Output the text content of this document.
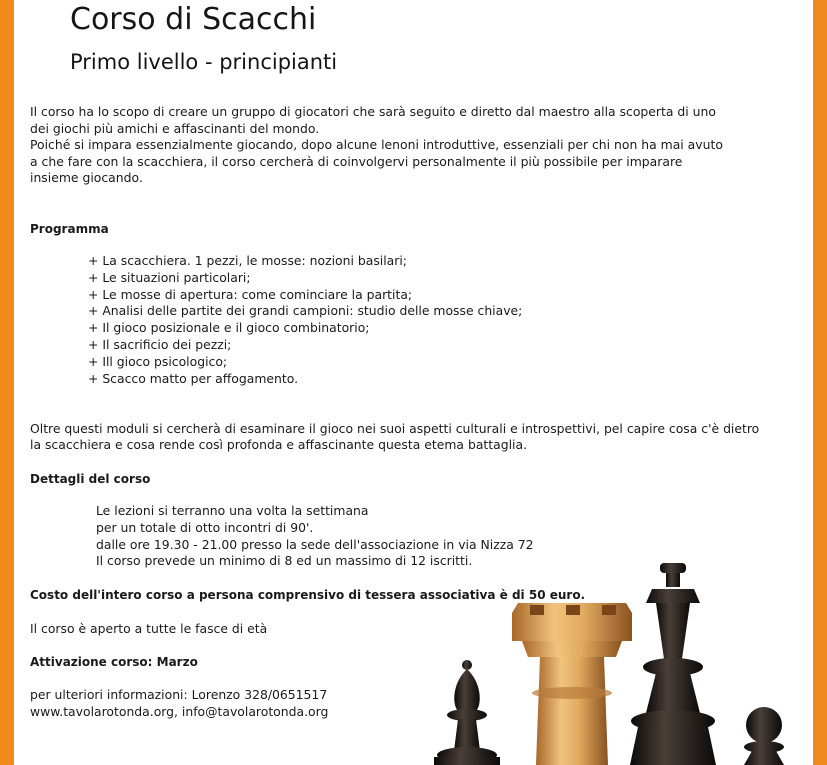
Corso di Scacchi
Primo livello - principianti

Il corso ha lo scopo di creare un gruppo di giocatori che sarà seguito e diretto dal maestro alla scoperta di uno

dei giochi più amichi e affascinanti del mondo.

Poiché si impara essenzialmente giocando, dopo alcune lenoni introduttive, essenziali per chi non ha mai avuto

a che fare con la scacchiera, il corso cercherà di coinvolgervi personalmente il più possibile per imparare

insieme giocando.

Programma

+ La scacchiera. 1 pezzi, le mosse: nozioni basilari;
+ Le situazioni particolari;
+ Le mosse di apertura: come cominciare la partita;
+ Analisi delle partite dei grandi campioni: studio delle mosse chiave;
+ Il gioco posizionale e il gioco combinatorio;
+ Il sacrificio dei pezzi;
+ Ill gioco psicologico;
+ Scacco matto per affogamento.

Oltre questi moduli si cercherà di esaminare il gioco nei suoi aspetti culturali e introspettivi, pel capire cosa c'è dietro

la scacchiera e cosa rende così profonda e affascinante questa etema battaglia.

Dettagli del corso

Le lezioni si terranno una volta la settimana

per un totale di otto incontri di 90'.

dalle ore 19.30 - 21.00 presso la sede dell'associazione in via Nizza 72

Il corso prevede un minimo di 8 ed un massimo di 12 iscritti.

Costo dell'intero corso a persona comprensivo di tessera associativa è di 50 euro.

Il corso è aperto a tutte le fasce di età

Attivazione corso: Marzo

per ulteriori informazioni: Lorenzo 328/0651517

www.tavolarotonda.org, info@tavolarotonda.org
